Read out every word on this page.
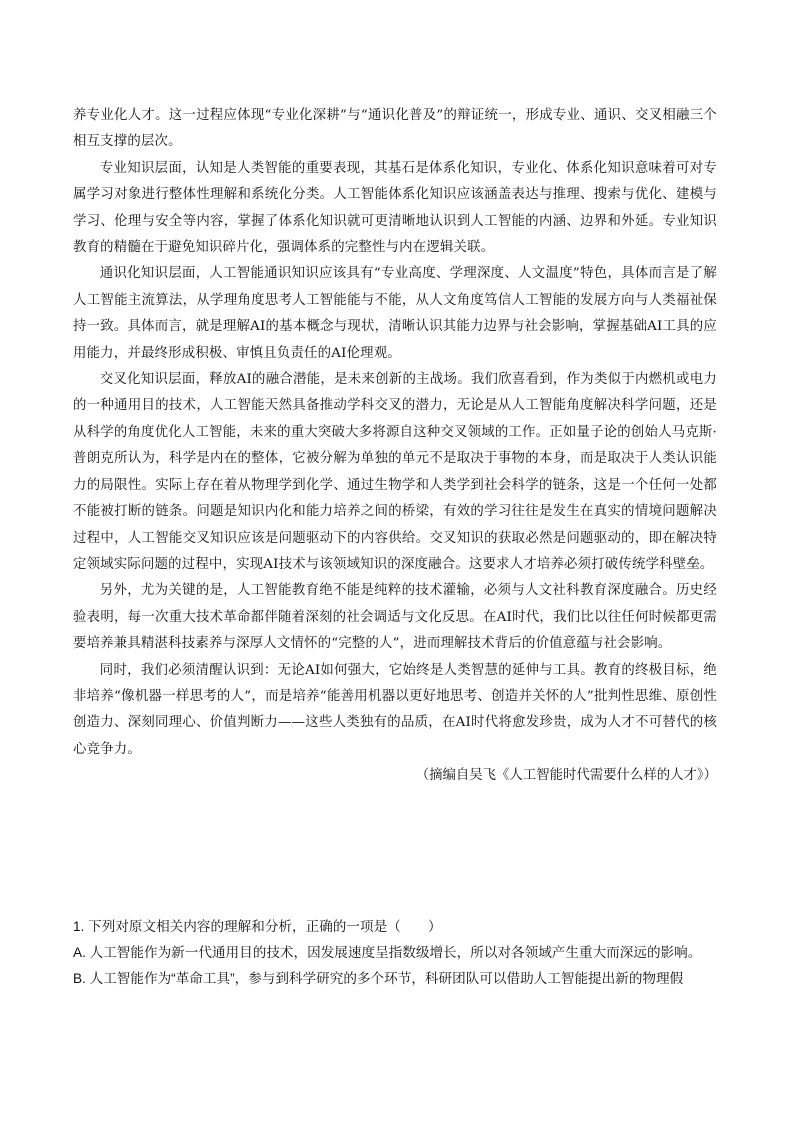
养专业化人才。这一过程应体现“专业化深耕”与“通识化普及”的辩证统一，形成专业、通识、交叉相融三个相互支撑的层次。

专业知识层面，认知是人类智能的重要表现，其基石是体系化知识，专业化、体系化知识意味着可对专属学习对象进行整体性理解和系统化分类。人工智能体系化知识应该涵盖表达与推理、搜索与优化、建模与学习、伦理与安全等内容，掌握了体系化知识就可更清晰地认识到人工智能的内涵、边界和外延。专业知识教育的精髓在于避免知识碎片化，强调体系的完整性与内在逻辑关联。

通识化知识层面，人工智能通识知识应该具有“专业高度、学理深度、人文温度”特色，具体而言是了解人工智能主流算法，从学理角度思考人工智能能与不能，从人文角度笃信人工智能的发展方向与人类福祉保持一致。具体而言，就是理解AI的基本概念与现状，清晰认识其能力边界与社会影响，掌握基础AI工具的应用能力，并最终形成积极、审慎且负责任的AI伦理观。

交叉化知识层面，释放AI的融合潜能，是未来创新的主战场。我们欣喜看到，作为类似于内燃机或电力的一种通用目的技术，人工智能天然具备推动学科交叉的潜力，无论是从人工智能角度解决科学问题，还是从科学的角度优化人工智能，未来的重大突破大多将源自这种交叉领域的工作。正如量子论的创始人马克斯·普朗克所认为，科学是内在的整体，它被分解为单独的单元不是取决于事物的本身，而是取决于人类认识能力的局限性。实际上存在着从物理学到化学、通过生物学和人类学到社会科学的链条，这是一个任何一处都不能被打断的链条。问题是知识内化和能力培养之间的桥梁，有效的学习往往是发生在真实的情境问题解决过程中，人工智能交叉知识应该是问题驱动下的内容供给。交叉知识的获取必然是问题驱动的，即在解决特定领域实际问题的过程中，实现AI技术与该领域知识的深度融合。这要求人才培养必须打破传统学科壁垒。

另外，尤为关键的是，人工智能教育绝不能是纯粹的技术灌输，必须与人文社科教育深度融合。历史经验表明，每一次重大技术革命都伴随着深刻的社会调适与文化反思。在AI时代，我们比以往任何时候都更需要培养兼具精湛科技素养与深厚人文情怀的“完整的人”，进而理解技术背后的价值意蕴与社会影响。

同时，我们必须清醒认识到：无论AI如何强大，它始终是人类智慧的延伸与工具。教育的终极目标，绝非培养“像机器一样思考的人”，而是培养“能善用机器以更好地思考、创造并关怀的人”批判性思维、原创性创造力、深刻同理心、价值判断力——这些人类独有的品质，在AI时代将愈发珍贵，成为人才不可替代的核心竞争力。

（摘编自吴飞《人工智能时代需要什么样的人才》）

1. 下列对原文相关内容的理解和分析，正确的一项是（　　）

A. 人工智能作为新一代通用目的技术，因发展速度呈指数级增长，所以对各领域产生重大而深远的影响。

B. 人工智能作为“革命工具”，参与到科学研究的多个环节，科研团队可以借助人工智能提出新的物理假
